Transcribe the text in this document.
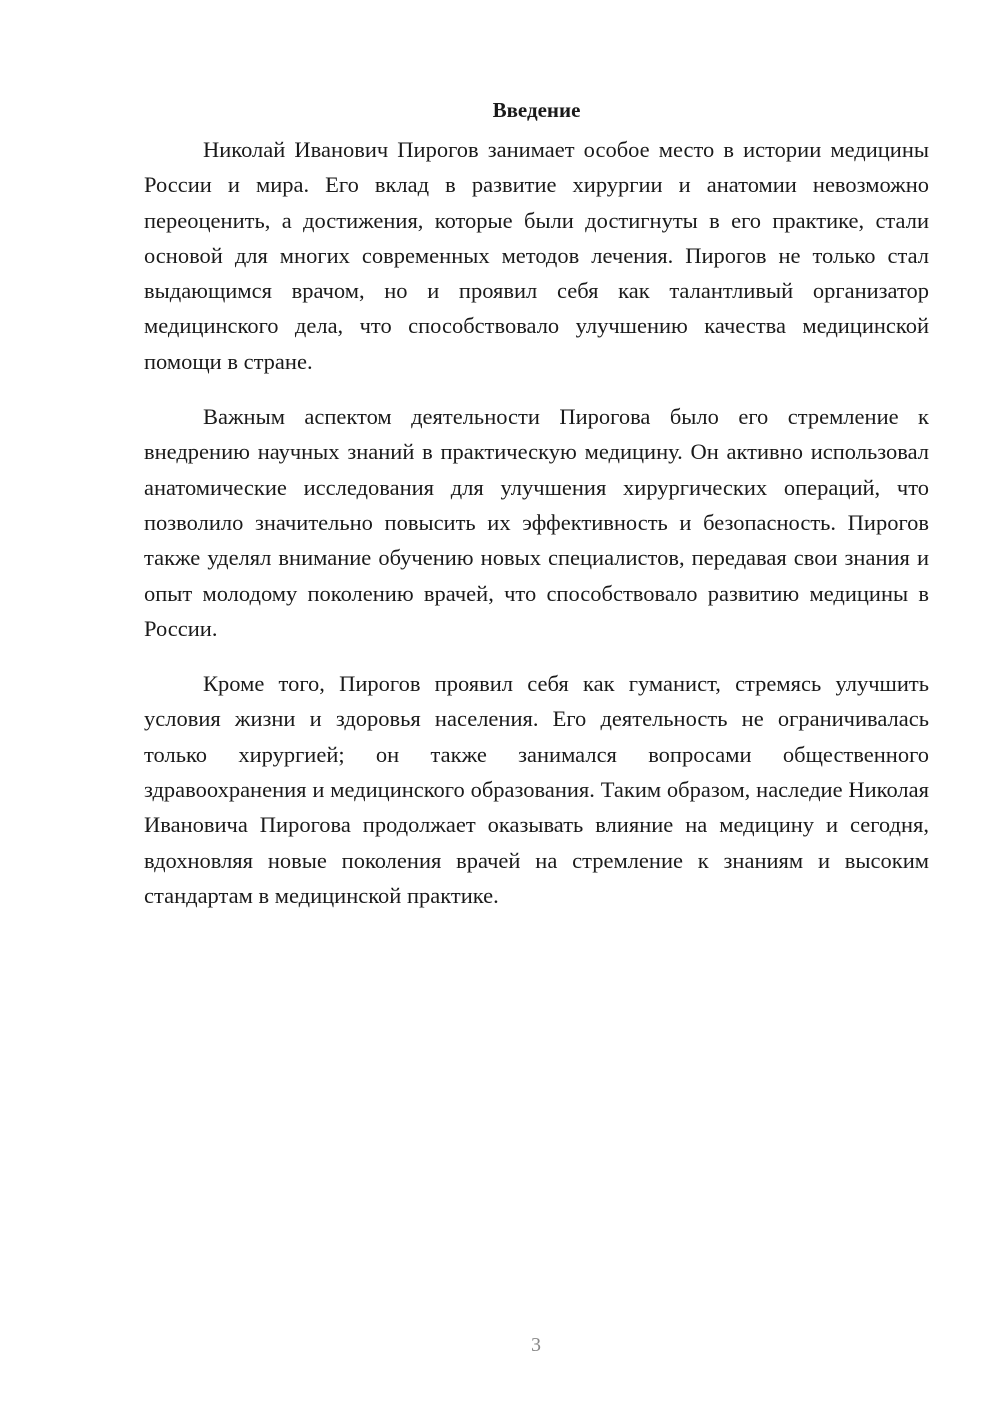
Введение

Николай Иванович Пирогов занимает особое место в истории медицины России и мира. Его вклад в развитие хирургии и анатомии невозможно переоценить, а достижения, которые были достигнуты в его практике, стали основой для многих современных методов лечения. Пирогов не только стал выдающимся врачом, но и проявил себя как талантливый организатор медицинского дела, что способствовало улучшению качества медицинской помощи в стране.

Важным аспектом деятельности Пирогова было его стремление к внедрению научных знаний в практическую медицину. Он активно использовал анатомические исследования для улучшения хирургических операций, что позволило значительно повысить их эффективность и безопасность. Пирогов также уделял внимание обучению новых специалистов, передавая свои знания и опыт молодому поколению врачей, что способствовало развитию медицины в России.

Кроме того, Пирогов проявил себя как гуманист, стремясь улучшить условия жизни и здоровья населения. Его деятельность не ограничивалась только хирургией; он также занимался вопросами общественного здравоохранения и медицинского образования. Таким образом, наследие Николая Ивановича Пирогова продолжает оказывать влияние на медицину и сегодня, вдохновляя новые поколения врачей на стремление к знаниям и высоким стандартам в медицинской практике.

3
